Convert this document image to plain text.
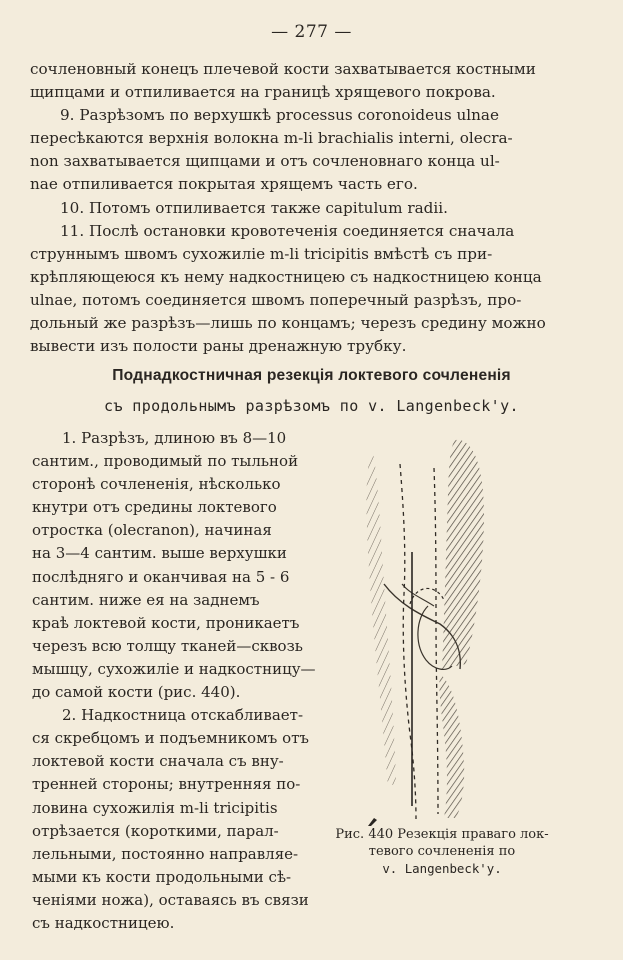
— 277 —

сочленовный конецъ плечевой кости захватывается костными

щипцами и отпиливается на границѣ хрящевого покрова.

9. Разрѣзомъ по верхушкѣ processus coronoideus ulnae

пересѣкаются верхнія волокна m-li brachialis interni, olecra-

non захватывается щипцами и отъ сочленовнаго конца ul-

nae отпиливается покрытая хрящемъ часть его.

10. Потомъ отпиливается также capitulum radii.

11. Послѣ остановки кровотеченія соединяется сначала

струннымъ швомъ сухожиліе m-li tricipitis вмѣстѣ съ при-

крѣпляющеюся къ нему надкостницею съ надкостницею конца

ulnae, потомъ соединяется швомъ поперечный разрѣзъ, про-

дольный же разрѣзъ—лишь по концамъ; черезъ средину можно

вывести изъ полости раны дренажную трубку.

Поднадкостничная резекція локтевого сочлененія
съ продольнымъ разрѣзомъ по v. Langenbeck'у.

1. Разрѣзъ, длиною въ 8—10

сантим., проводимый по тыльной

сторонѣ сочлененія, нѣсколько

кнутри отъ средины локтевого

отростка (olecranon), начиная

на 3—4 сантим. выше верхушки

послѣдняго и оканчивая на 5 - 6

сантим. ниже ея на заднемъ

краѣ локтевой кости, проникаетъ

черезъ всю толщу тканей—сквозь

мышцу, сухожиліе и надкостницу—

до самой кости (рис. 440).

2. Надкостница отскабливает-

ся скребцомъ и подъемникомъ отъ

локтевой кости сначала съ вну-

тренней стороны; внутренняя по-

ловина сухожилія m-li tricipitis

отрѣзается (короткими, парал-

лельными, постоянно направляе-

мыми къ кости продольными сѣ-

ченіями ножа), оставаясь въ связи

съ надкостницею.

Рис. 440 Резекція праваго лок-
тевого сочлененія по
v. Langenbeck'у.
